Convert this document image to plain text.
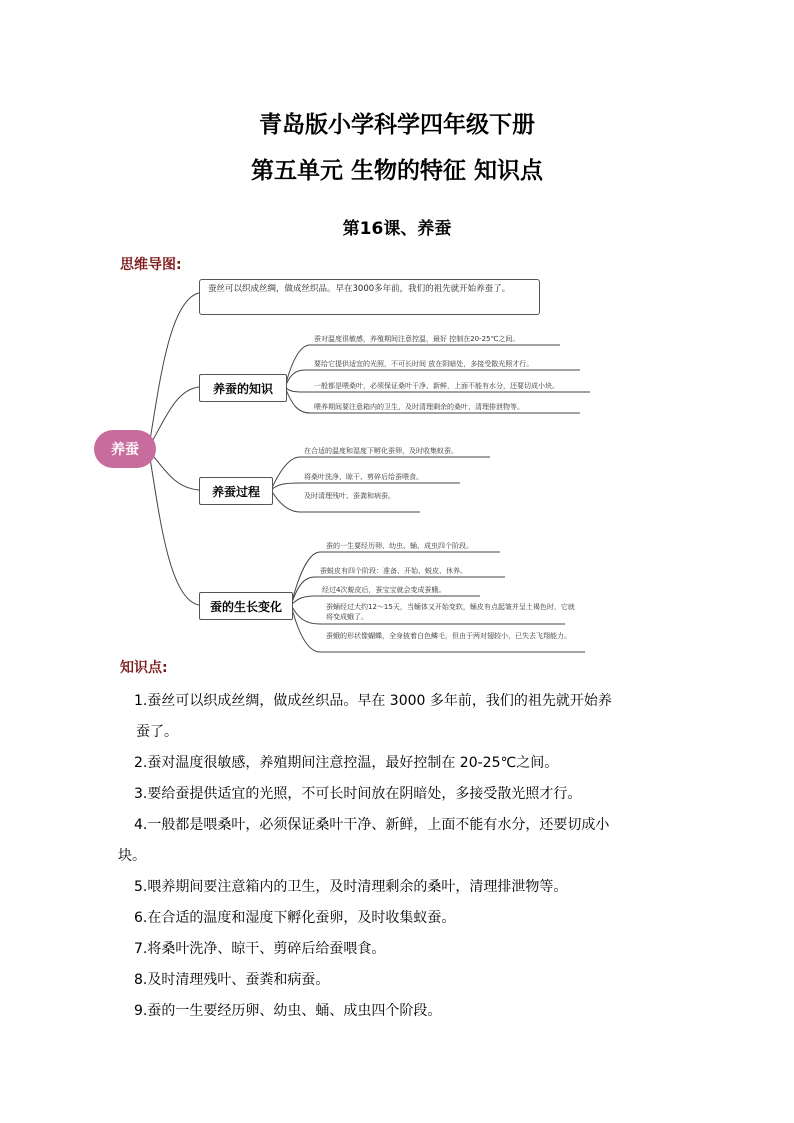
青岛版小学科学四年级下册
第五单元 生物的特征 知识点
第16课、养蚕
思维导图:
养蚕
蚕丝可以织成丝绸，做成丝织品。早在3000多年前，我们的祖先就开始养蚕了。
养蚕的知识
养蚕过程
蚕的生长变化
蚕对温度很敏感，养殖期间注意控温，最好 控制在20-25℃之间。
要给它提供适宜的光照，不可长时间 放在阴暗处，多接受散光照才行。
一般都是喂桑叶，必须保证桑叶干净、新鲜，上面不能有水分，还要切成小块。
喂养期间要注意箱内的卫生，及时清理剩余的桑叶，清理排泄物等。
在合适的温度和湿度下孵化蚕卵，及时收集蚁蚕。
将桑叶洗净、晾干、剪碎后给蚕喂食。
及时清理残叶、蚕粪和病蚕。
蚕的一生要经历卵、幼虫、蛹、成虫四个阶段。
蚕蜕皮有四个阶段：准备、开始、蜕皮、休养。
经过4次蜕皮后，蚕宝宝就会变成蚕蛾。
蚕蛹经过大约12～15天，当蛹体又开始变软，蛹皮有点起皱并呈土褐色时，它就将变成蛾了。
蚕蛾的形状像蝴蝶，全身披着白色鳞毛，但由于两对翅较小，已失去飞翔能力。
知识点:
1.蚕丝可以织成丝绸，做成丝织品。早在 3000 多年前，我们的祖先就开始养
蚕了。
2.蚕对温度很敏感，养殖期间注意控温，最好控制在 20-25℃之间。
3.要给蚕提供适宜的光照，不可长时间放在阴暗处，多接受散光照才行。
4.一般都是喂桑叶，必须保证桑叶干净、新鲜，上面不能有水分，还要切成小
块。
5.喂养期间要注意箱内的卫生，及时清理剩余的桑叶，清理排泄物等。
6.在合适的温度和湿度下孵化蚕卵，及时收集蚁蚕。
7.将桑叶洗净、晾干、剪碎后给蚕喂食。
8.及时清理残叶、蚕粪和病蚕。
9.蚕的一生要经历卵、幼虫、蛹、成虫四个阶段。
